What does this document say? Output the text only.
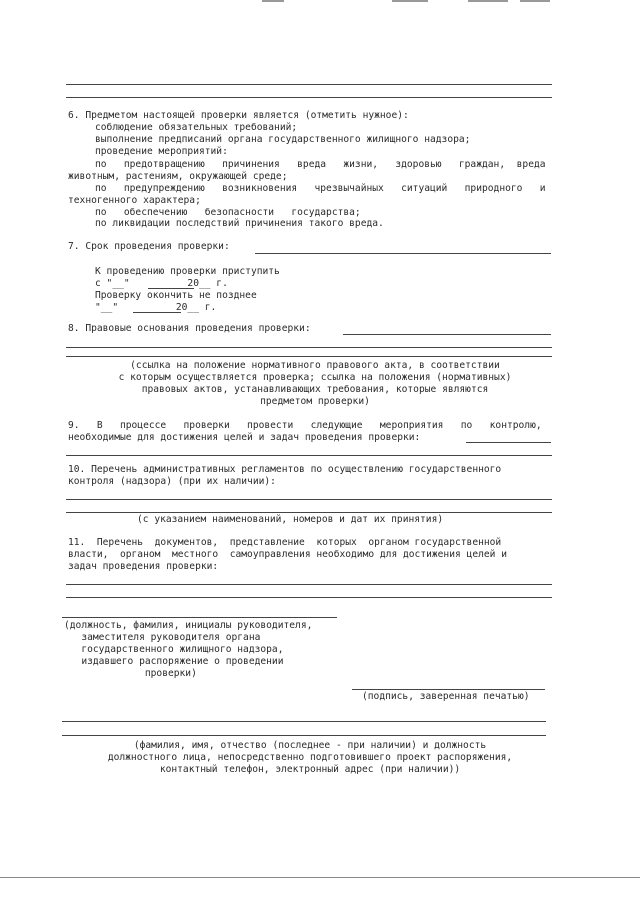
6. Предметом настоящей проверки является (отметить нужное):
соблюдение обязательных требований;
выполнение предписаний органа государственного жилищного надзора;
проведение мероприятий:
по   предотвращению   причинения   вреда   жизни,   здоровью   граждан,  вреда
животным, растениям, окружающей среде;
по   предупреждению   возникновения   чрезвычайных   ситуаций   природного   и
техногенного характера;
по   обеспечению   безопасности   государства;
по ликвидации последствий причинения такого вреда.
7. Срок проведения проверки:
К проведению проверки приступить
с "__"          20__ г.
Проверку окончить не позднее
"__"          20__ г.
8. Правовые основания проведения проверки:
(ссылка на положение нормативного правового акта, в соответствии
с которым осуществляется проверка; ссылка на положения (нормативных)
правовых актов, устанавливающих требования, которые являются
предметом проверки)
9.   В   процессе   проверки   провести   следующие   мероприятия   по   контролю,
необходимые для достижения целей и задач проведения проверки:
10. Перечень административных регламентов по осуществлению государственного
контроля (надзора) (при их наличии):
(с указанием наименований, номеров и дат их принятия)
11.  Перечень  документов,  представление  которых  органом государственной
власти,  органом  местного  самоуправления необходимо для достижения целей и
задач проведения проверки:
(должность, фамилия, инициалы руководителя,
заместителя руководителя органа
государственного жилищного надзора,
издавшего распоряжение о проведении
проверки)
(подпись, заверенная печатью)
(фамилия, имя, отчество (последнее - при наличии) и должность
должностного лица, непосредственно подготовившего проект распоряжения,
контактный телефон, электронный адрес (при наличии))
